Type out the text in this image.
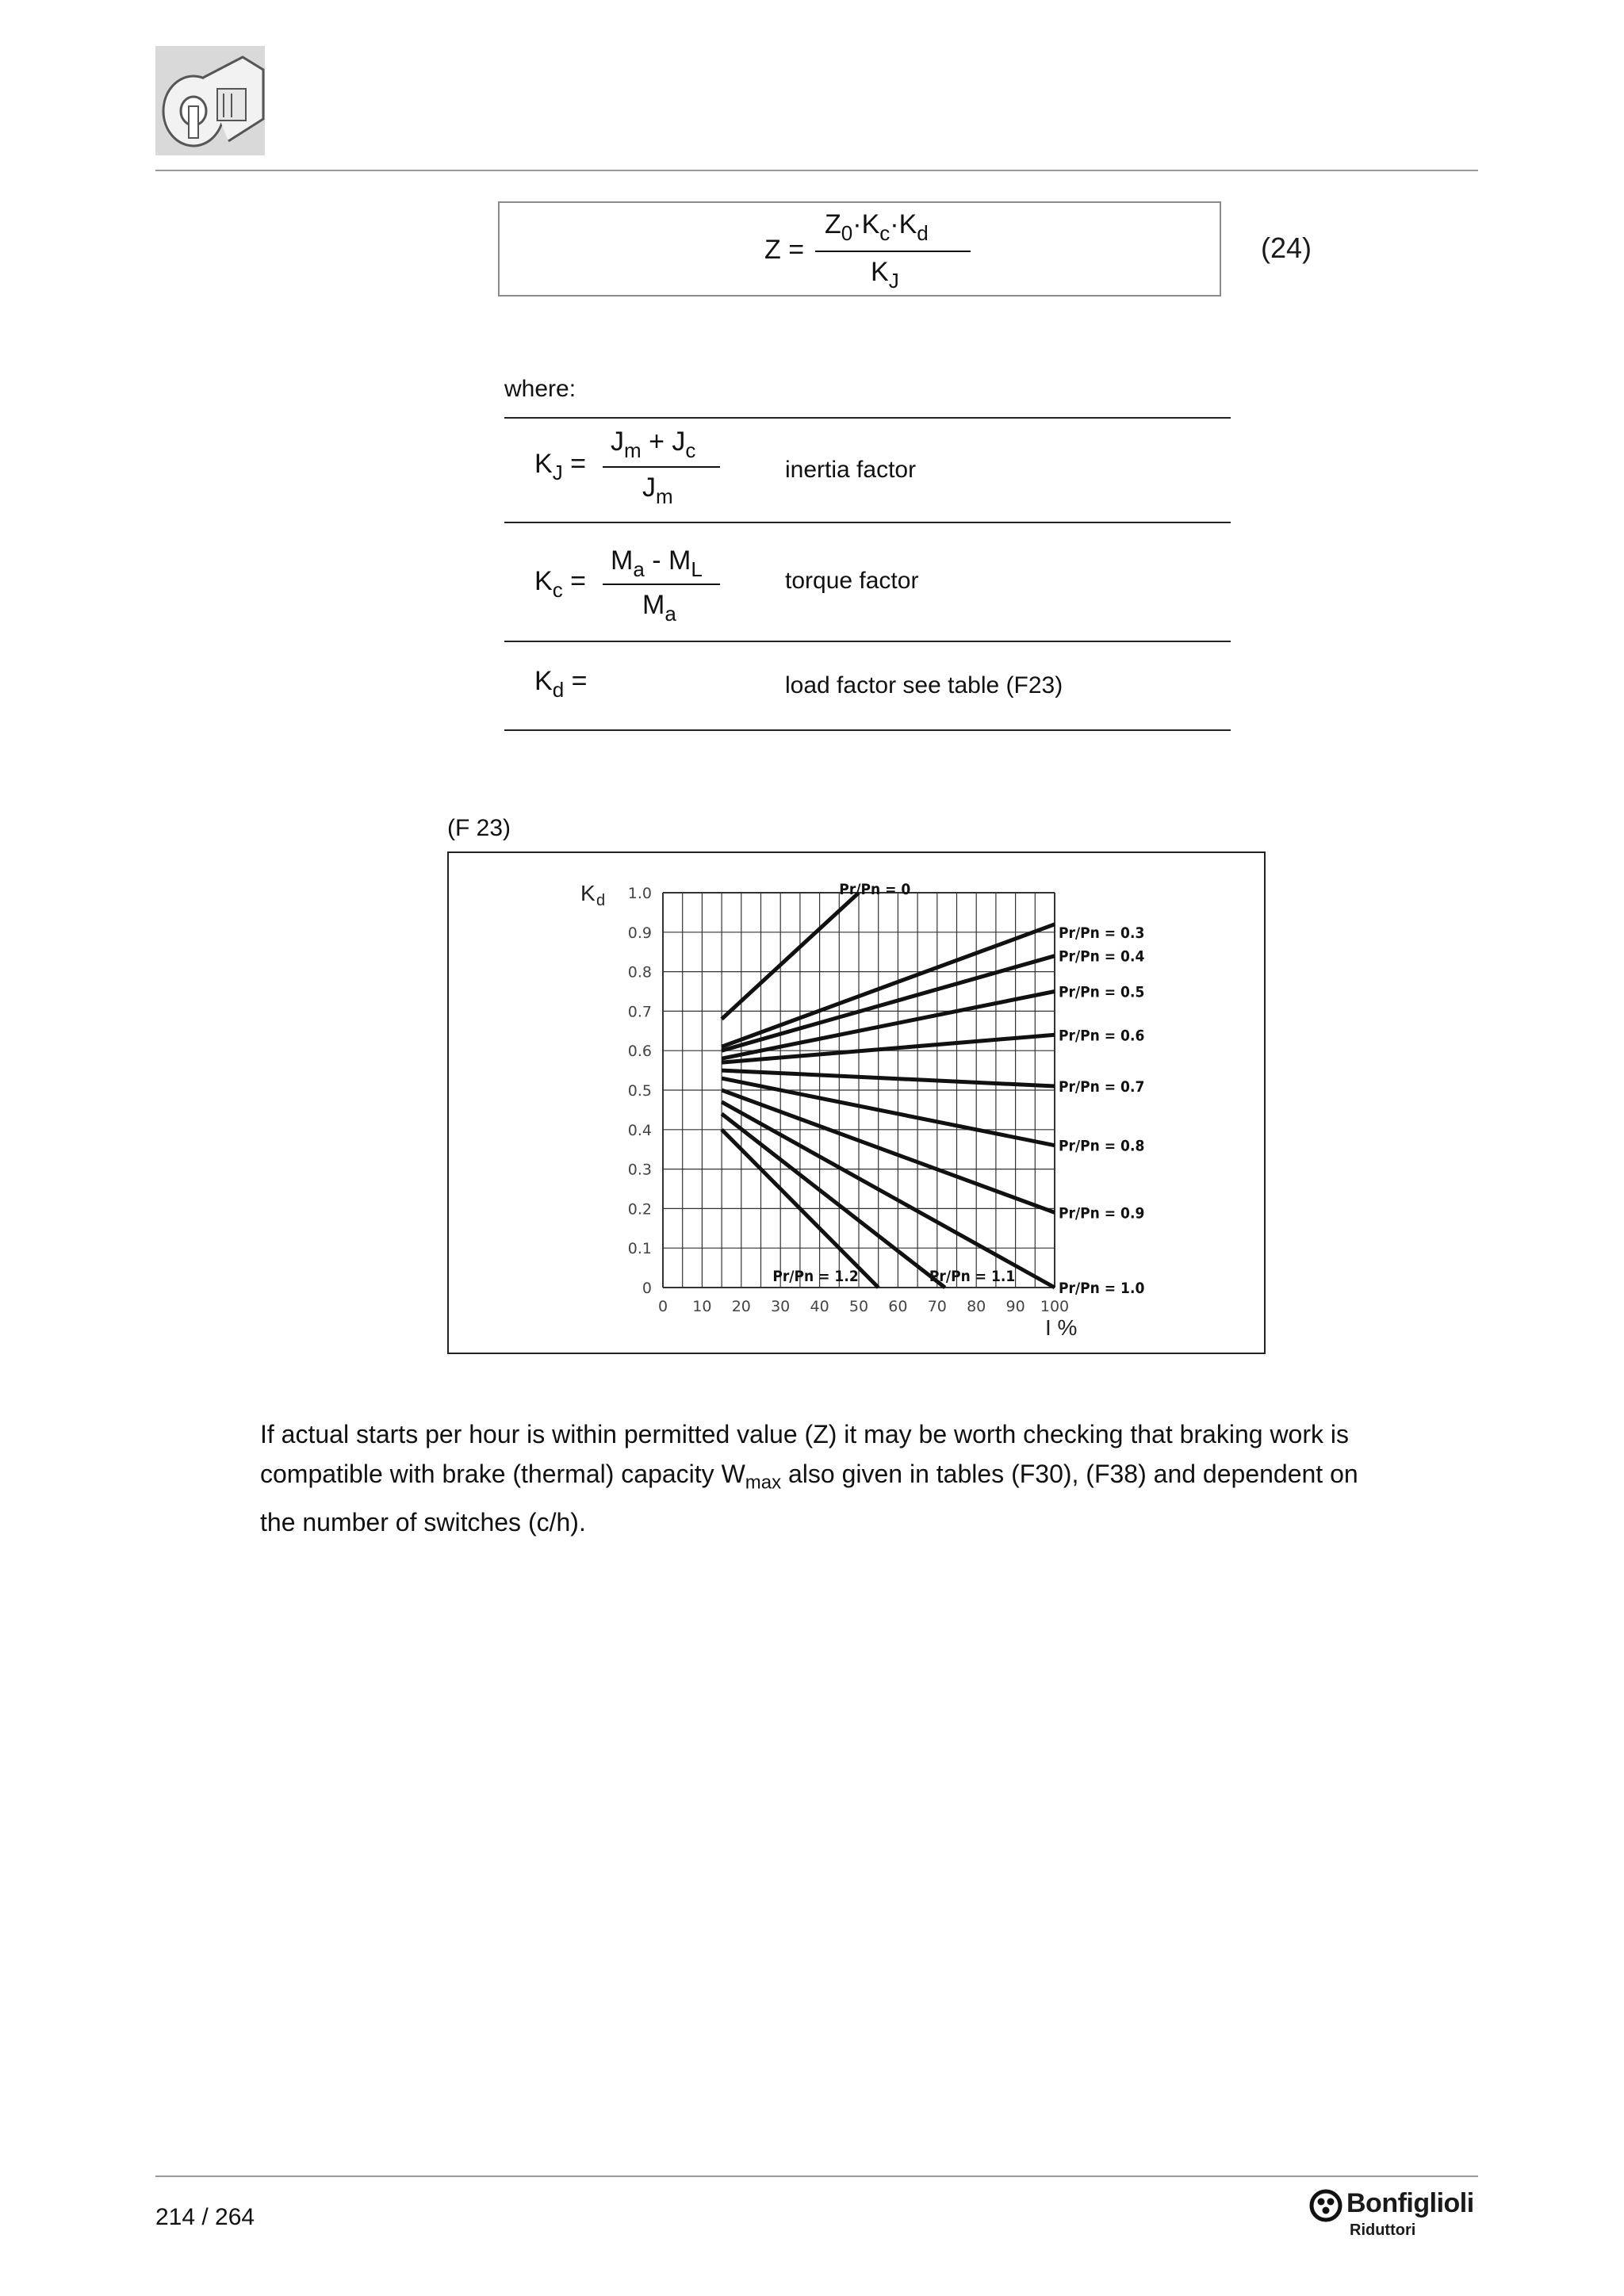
Z =
$Z_0\cdot K_c\cdot K_d$
$K_J$
(24)
where:
$K_J$ =
$J_m + J_c$
$J_m$
inertia factor
$K_c$ =
$M_a - M_L$
$M_a$
torque factor
$K_d$ =	load factor see table (F23)
(F 23)
0 10 20 30 40 50 60 70 80 90 100
0
0.1
0.2
0.3
0.4
0.5
0.6
0.7
0.8
0.9
1.0
K d
I %
Pr/Pn = 0
Pr/Pn = 0.3
Pr/Pn = 0.4
Pr/Pn = 0.5
Pr/Pn = 0.6
Pr/Pn = 0.7
Pr/Pn = 0.8
Pr/Pn = 0.9
Pr/Pn = 1.0
Pr/Pn = 1.1
Pr/Pn = 1.2
If actual starts per hour is within permitted value (Z) it may be worth checking that braking work is
compatible with brake (thermal) capacity $W_{max}$ also given in tables (F30), (F38) and dependent on
the number of switches (c/h).
214 / 264	Bonfiglioli
Riduttori
